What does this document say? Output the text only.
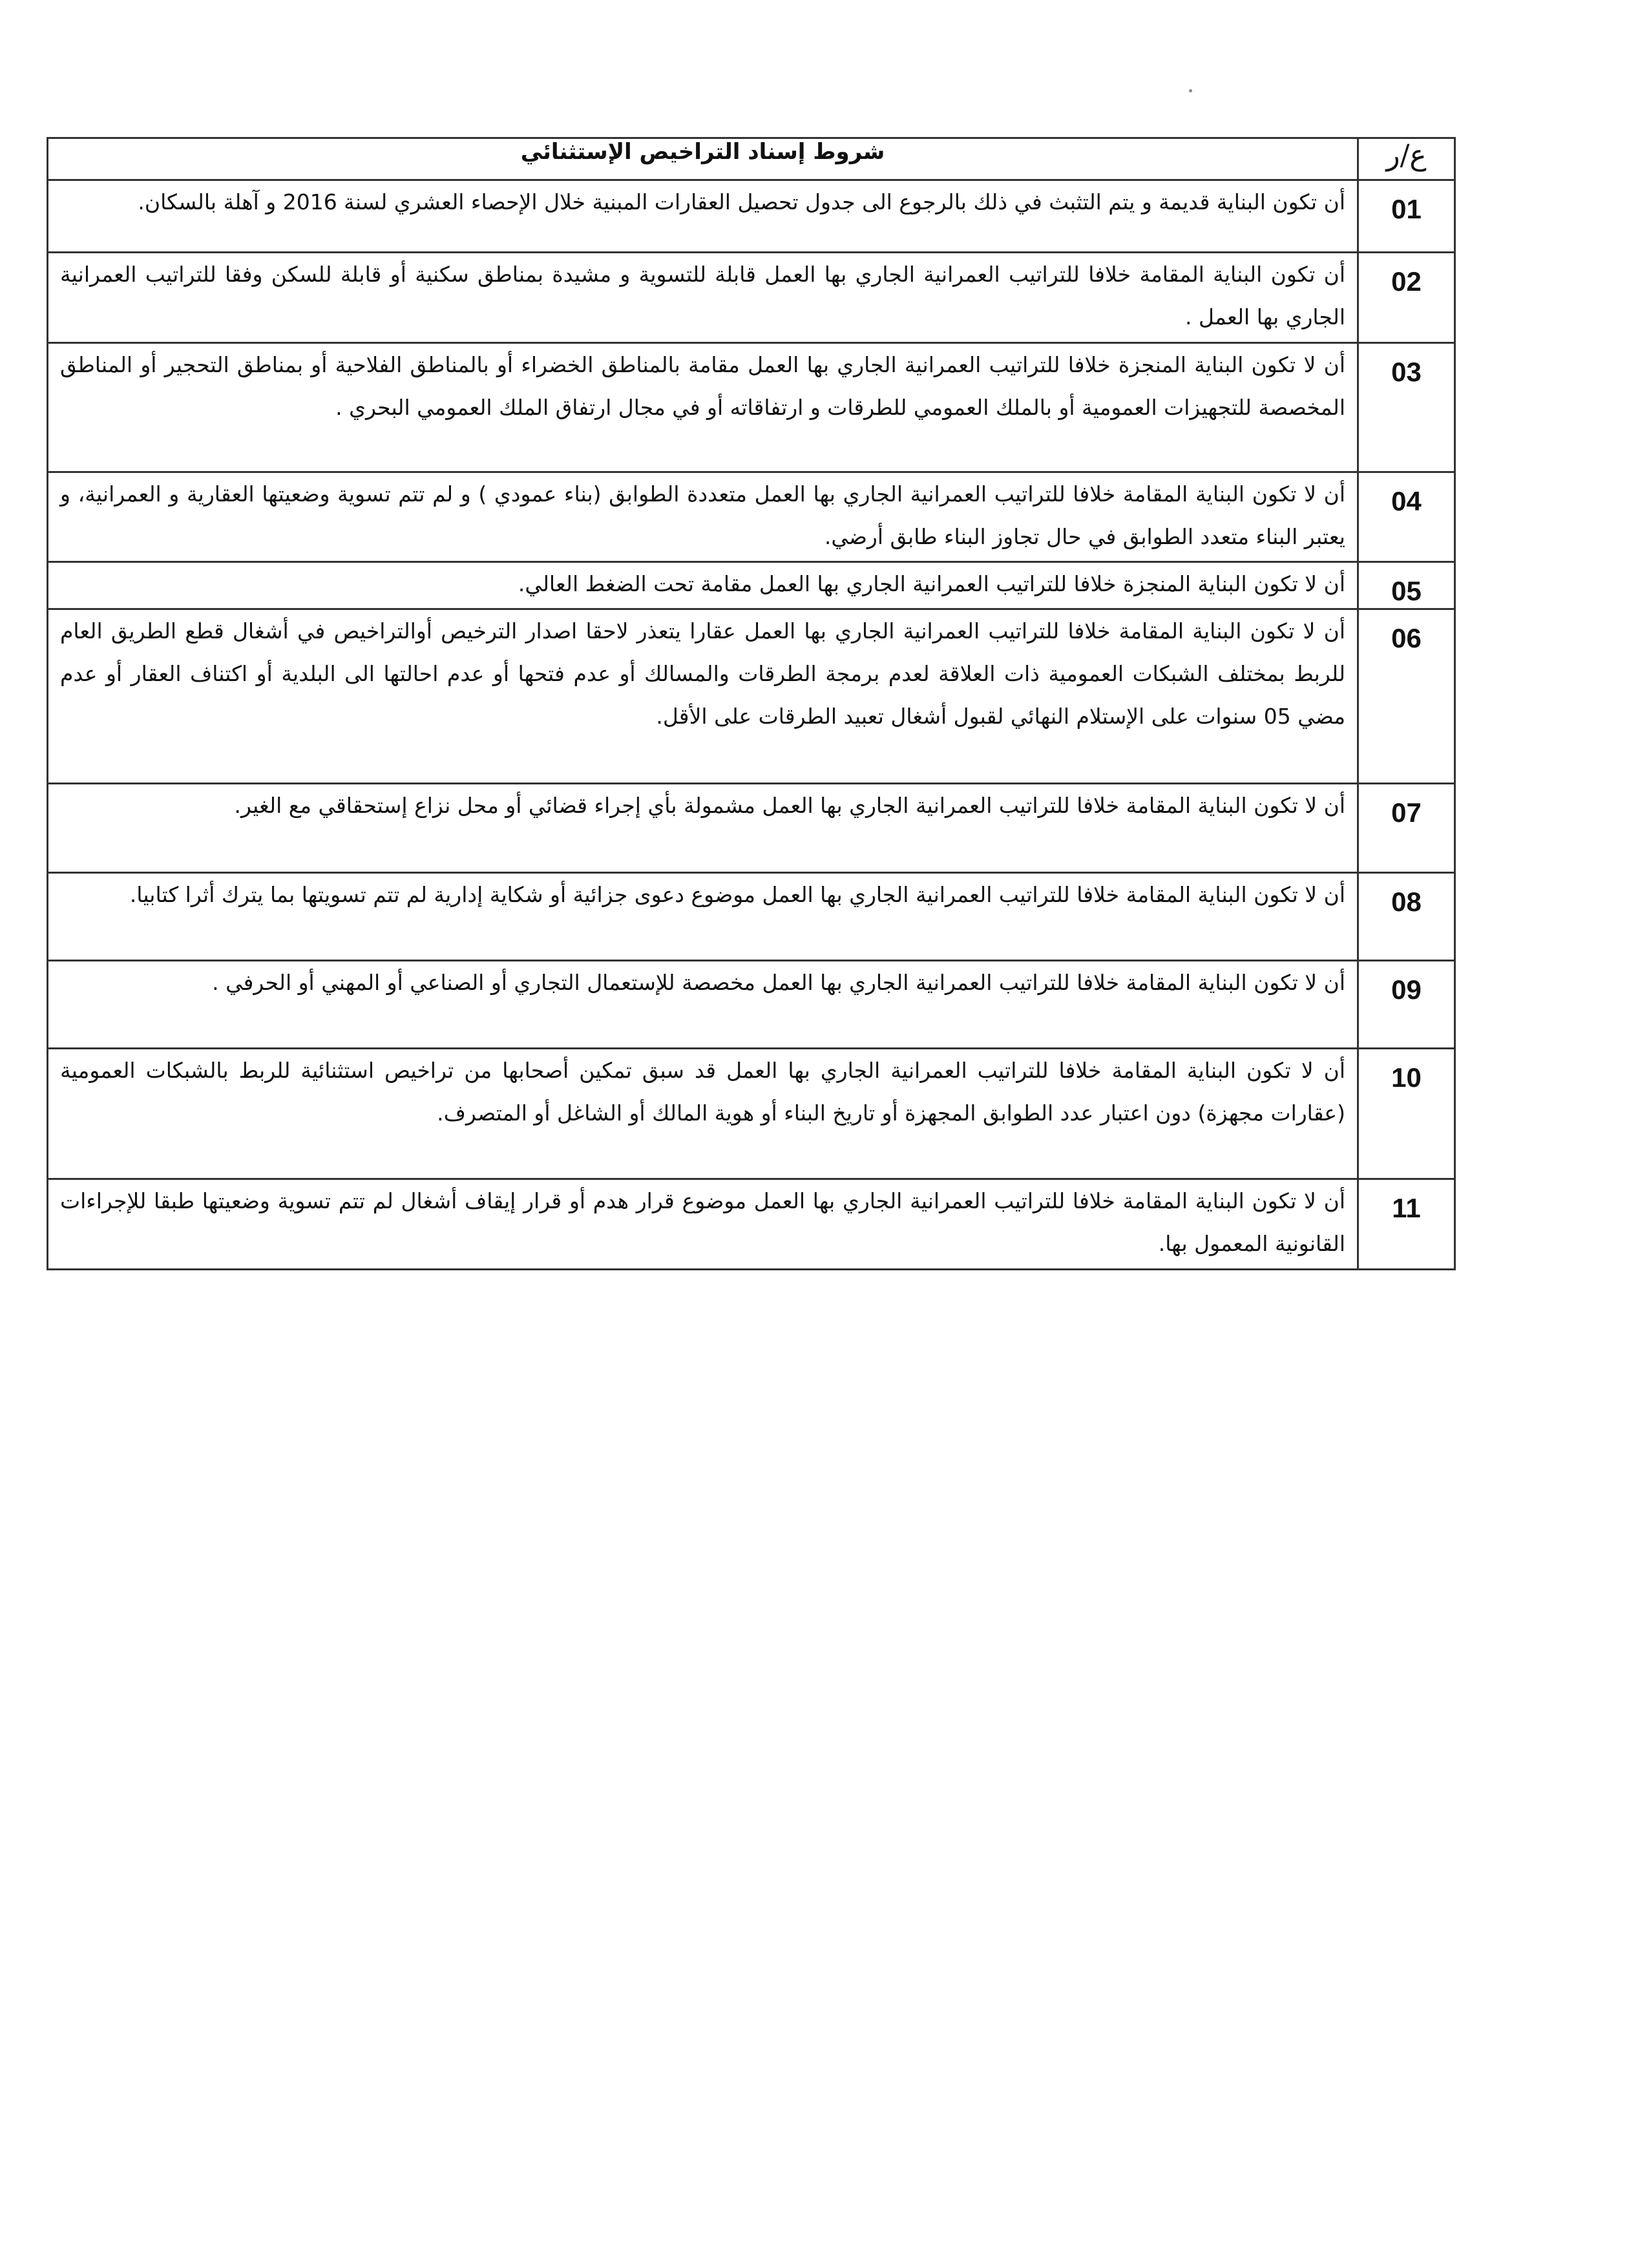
ع/ر	شروط إسناد التراخيص الإستثنائي
01	أن تكون البناية قديمة و يتم التثبث في ذلك بالرجوع الى جدول تحصيل العقارات المبنية خلال الإحصاء العشري لسنة 2016 و آهلة بالسكان.
02	أن تكون البناية المقامة خلافا للتراتيب العمرانية الجاري بها العمل قابلة للتسوية و مشيدة بمناطق سكنية أو قابلة للسكن وفقا للتراتيب العمرانية الجاري بها العمل .
03	أن لا تكون البناية المنجزة خلافا للتراتيب العمرانية الجاري بها العمل مقامة بالمناطق الخضراء أو بالمناطق الفلاحية أو بمناطق التحجير أو المناطق المخصصة للتجهيزات العمومية أو بالملك العمومي للطرقات و ارتفاقاته أو في مجال ارتفاق الملك العمومي البحري .
04	أن لا تكون البناية المقامة خلافا للتراتيب العمرانية الجاري بها العمل متعددة الطوابق (بناء عمودي ) و لم تتم تسوية وضعيتها العقارية و العمرانية، و يعتبر البناء متعدد الطوابق في حال تجاوز البناء طابق أرضي.
05	أن لا تكون البناية المنجزة خلافا للتراتيب العمرانية الجاري بها العمل مقامة تحت الضغط العالي.
06	أن لا تكون البناية المقامة خلافا للتراتيب العمرانية الجاري بها العمل عقارا يتعذر لاحقا اصدار الترخيص أوالتراخيص في أشغال قطع الطريق العام للربط بمختلف الشبكات العمومية ذات العلاقة لعدم برمجة الطرقات والمسالك أو عدم فتحها أو عدم احالتها الى البلدية أو اكتناف العقار أو عدم مضي 05 سنوات على الإستلام النهائي لقبول أشغال تعبيد الطرقات على الأقل.
07	أن لا تكون البناية المقامة خلافا للتراتيب العمرانية الجاري بها العمل مشمولة بأي إجراء قضائي أو محل نزاع إستحقاقي مع الغير.
08	أن لا تكون البناية المقامة خلافا للتراتيب العمرانية الجاري بها العمل موضوع دعوى جزائية أو شكاية إدارية لم تتم تسويتها بما يترك أثرا كتابيا.
09	أن لا تكون البناية المقامة خلافا للتراتيب العمرانية الجاري بها العمل مخصصة للإستعمال التجاري أو الصناعي أو المهني أو الحرفي .
10	أن لا تكون البناية المقامة خلافا للتراتيب العمرانية الجاري بها العمل قد سبق تمكين أصحابها من تراخيص استثنائية للربط بالشبكات العمومية (عقارات مجهزة) دون اعتبار عدد الطوابق المجهزة أو تاريخ البناء أو هوية المالك أو الشاغل أو المتصرف.
11	أن لا تكون البناية المقامة خلافا للتراتيب العمرانية الجاري بها العمل موضوع قرار هدم أو قرار إيقاف أشغال لم تتم تسوية وضعيتها طبقا للإجراءات القانونية المعمول بها.
